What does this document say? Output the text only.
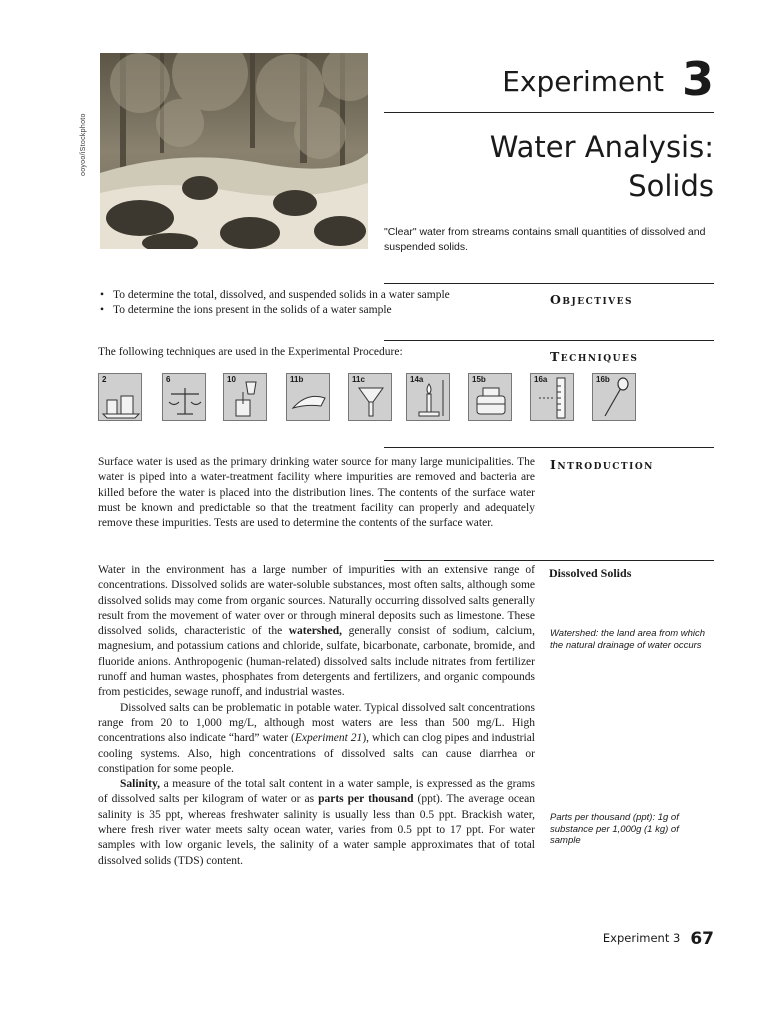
ooyoo/iStockphoto
Experiment 3
Water Analysis:
Solids
"Clear" water from streams contains small quantities of dissolved and suspended solids.
Objectives
• To determine the total, dissolved, and suspended solids in a water sample
• To determine the ions present in the solids of a water sample
Techniques
The following techniques are used in the Experimental Procedure:
2	6	10	11b	11c	14a	15b	16a	16b
Introduction

Surface water is used as the primary drinking water source for many large municipalities. The water is piped into a water-treatment facility where impurities are removed and bacteria are killed before the water is placed into the distribution lines. The contents of the surface water must be known and predictable so that the treatment facility can properly and adequately remove these impurities. Tests are used to determine the contents of the surface water.

Dissolved Solids

Water in the environment has a large number of impurities with an extensive range of concentrations. Dissolved solids are water-soluble substances, most often salts, although some dissolved solids may come from organic sources. Naturally occurring dissolved salts generally result from the movement of water over or through mineral deposits such as limestone. These dissolved solids, characteristic of the watershed, generally consist of sodium, calcium, magnesium, and potassium cations and chloride, sulfate, bicarbonate, carbonate, bromide, and fluoride anions. Anthropogenic (human-related) dissolved salts include nitrates from fertilizer runoff and human wastes, phosphates from detergents and fertilizers, and organic compounds from pesticides, sewage runoff, and industrial wastes.

Dissolved salts can be problematic in potable water. Typical dissolved salt concentrations range from 20 to 1,000 mg/L, although most waters are less than 500 mg/L. High concentrations also indicate “hard” water (Experiment 21), which can clog pipes and industrial cooling systems. Also, high concentrations of dissolved salts can cause diarrhea or constipation for some people.

Salinity, a measure of the total salt content in a water sample, is expressed as the grams of dissolved salts per kilogram of water or as parts per thousand (ppt). The average ocean salinity is 35 ppt, whereas freshwater salinity is usually less than 0.5 ppt. Brackish water, where fresh river water meets salty ocean water, varies from 0.5 ppt to 17 ppt. For water samples with low organic levels, the salinity of a water sample approximates that of total dissolved solids (TDS) content.

Watershed: the land area from which the natural drainage of water occurs
Parts per thousand (ppt): 1g of substance per 1,000g (1 kg) of sample
Experiment 3 67
